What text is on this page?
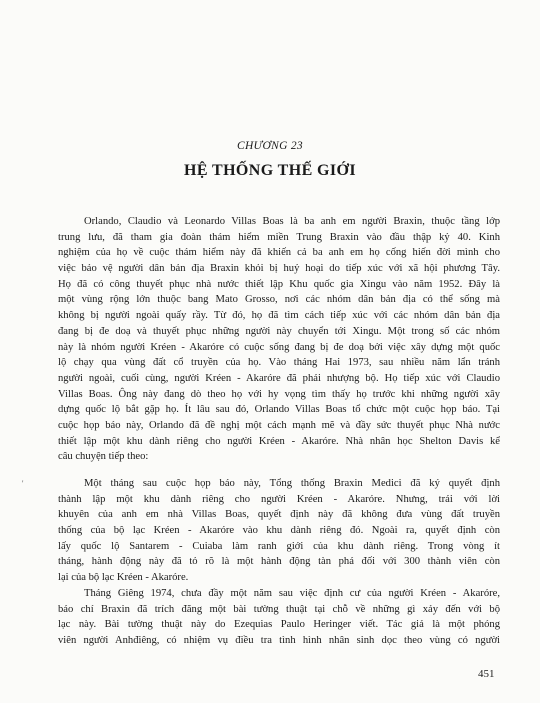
CHƯƠNG 23
HỆ THỐNG THẾ GIỚI
Orlando, Claudio và Leonardo Villas Boas là ba anh em người Braxin, thuộc tầng lớp
trung lưu, đã tham gia đoàn thám hiểm miền Trung Braxin vào đầu thập kỷ 40. Kinh
nghiệm của họ về cuộc thám hiểm này đã khiến cả ba anh em họ cống hiến đời mình cho
việc bảo vệ người dân bản địa Braxin khỏi bị huỷ hoại do tiếp xúc với xã hội phương Tây.
Họ đã có công thuyết phục nhà nước thiết lập Khu quốc gia Xingu vào năm 1952. Đây là
một vùng rộng lớn thuộc bang Mato Grosso, nơi các nhóm dân bản địa có thể sống mà
không bị người ngoài quấy rầy. Từ đó, họ đã tìm cách tiếp xúc với các nhóm dân bản địa
đang bị đe doạ và thuyết phục những người này chuyển tới Xingu. Một trong số các nhóm
này là nhóm người Kréen - Akaróre có cuộc sống đang bị đe doạ bởi việc xây dựng một quốc
lộ chạy qua vùng đất cổ truyền của họ. Vào tháng Hai 1973, sau nhiều năm lẩn tránh
người ngoài, cuối cùng, người Kréen - Akaróre đã phải nhượng bộ. Họ tiếp xúc với Claudio
Villas Boas. Ông này đang dò theo họ với hy vọng tìm thấy họ trước khi những người xây
dựng quốc lộ bắt gặp họ. Ít lâu sau đó, Orlando Villas Boas tổ chức một cuộc họp báo. Tại
cuộc họp báo này, Orlando đã đề nghị một cách mạnh mẽ và đầy sức thuyết phục Nhà nước
thiết lập một khu dành riêng cho người Kréen - Akaróre. Nhà nhân học Shelton Davis kể
câu chuyện tiếp theo:
'	Một tháng sau cuộc họp báo này, Tổng thống Braxin Medici đã ký quyết định
thành lập một khu dành riêng cho người Kréen - Akaróre. Nhưng, trái với lời
khuyên của anh em nhà Villas Boas, quyết định này đã không đưa vùng đất truyền
thống của bộ lạc Kréen - Akaróre vào khu dành riêng đó. Ngoài ra, quyết định còn
lấy quốc lộ Santarem - Cuiaba làm ranh giới của khu dành riêng. Trong vòng ít
tháng, hành động này đã tỏ rõ là một hành động tàn phá đối với 300 thành viên còn
lại của bộ lạc Kréen - Akaróre.
Tháng Giêng 1974, chưa đầy một năm sau việc định cư của người Kréen - Akaróre,
báo chí Braxin đã trích đăng một bài tường thuật tại chỗ về những gì xảy đến với bộ
lạc này. Bài tường thuật này do Ezequias Paulo Heringer viết. Tác giả là một phóng
viên người Anhđiêng, có nhiệm vụ điều tra tình hình nhân sinh dọc theo vùng có người
451
